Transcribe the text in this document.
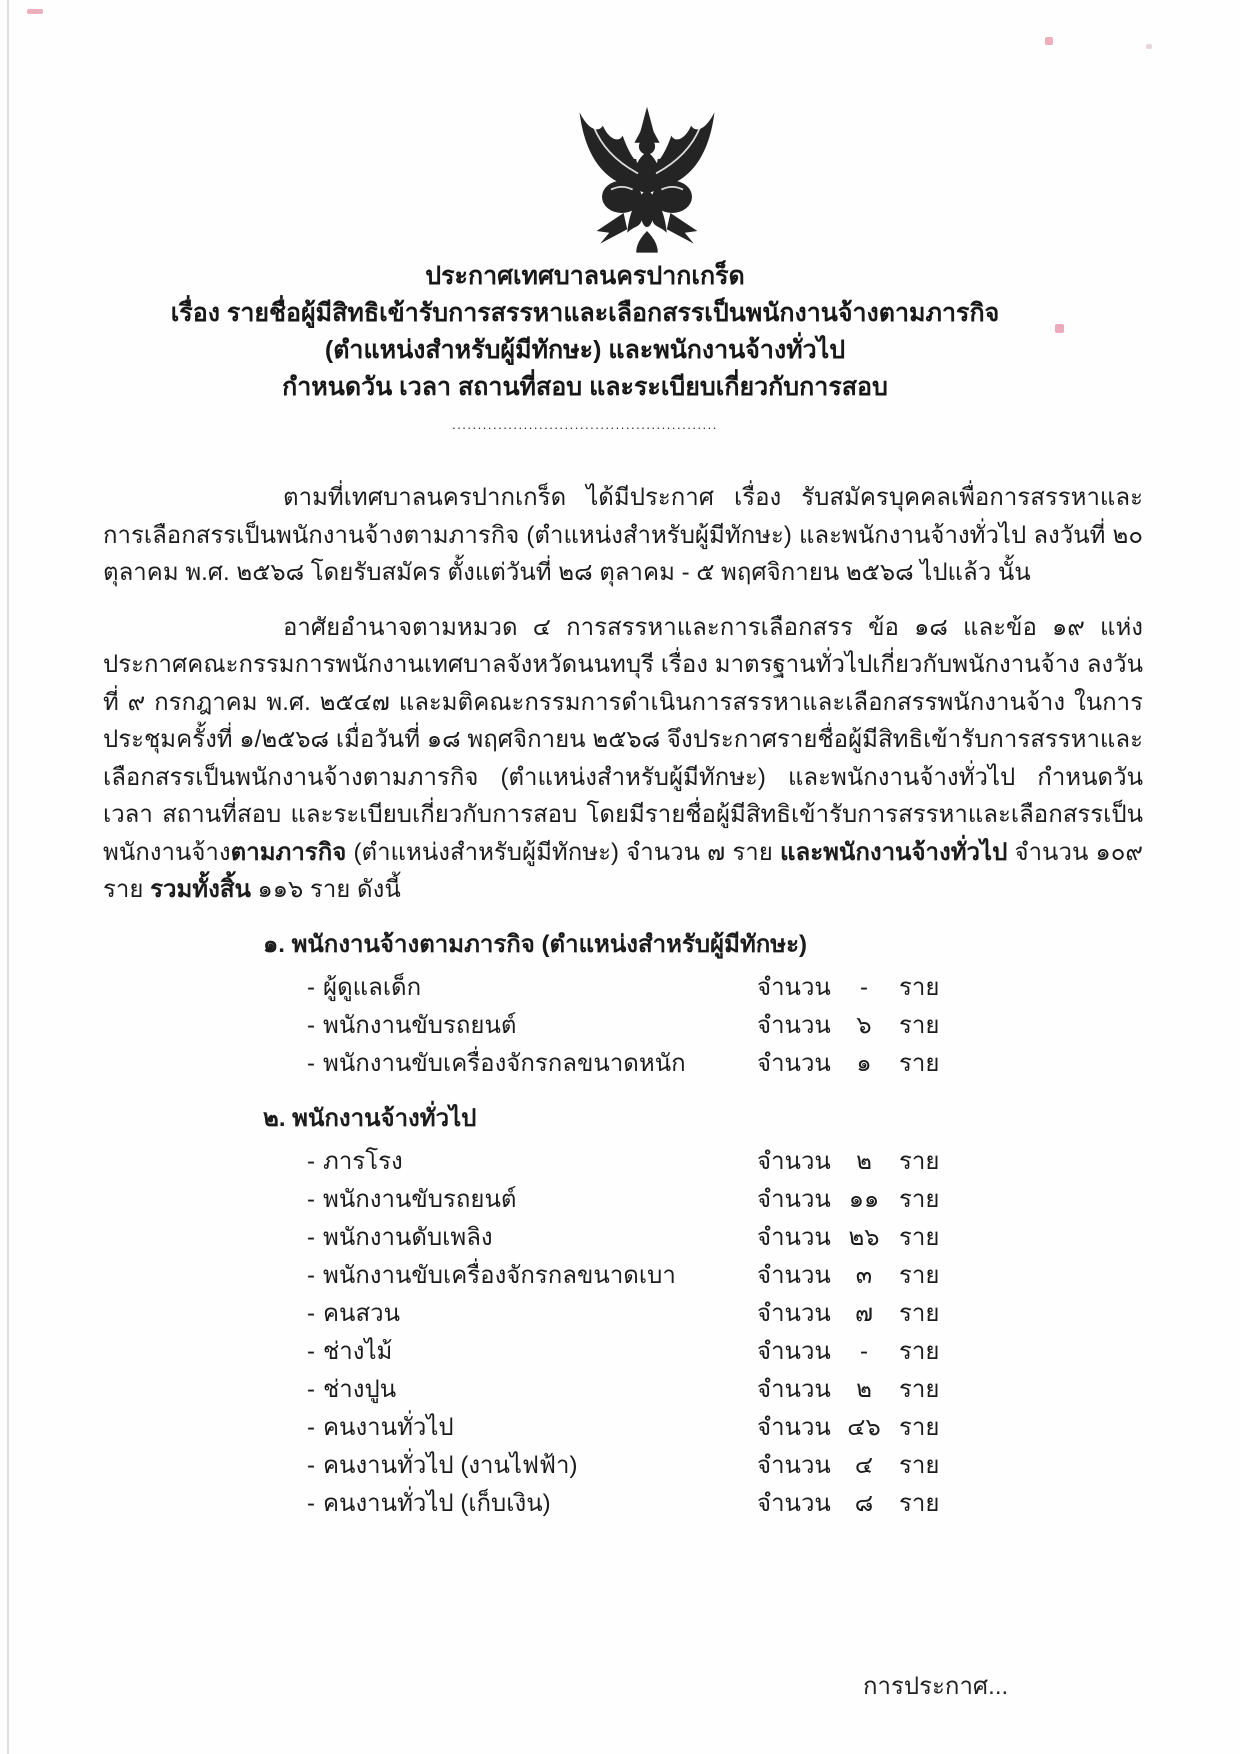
ประกาศเทศบาลนครปากเกร็ด
เรื่อง รายชื่อผู้มีสิทธิเข้ารับการสรรหาและเลือกสรรเป็นพนักงานจ้างตามภารกิจ
(ตำแหน่งสำหรับผู้มีทักษะ) และพนักงานจ้างทั่วไป
กำหนดวัน เวลา สถานที่สอบ และระเบียบเกี่ยวกับการสอบ
....................................................

ตามที่เทศบาลนครปากเกร็ด ได้มีประกาศ เรื่อง รับสมัครบุคคลเพื่อการสรรหาและการเลือกสรรเป็นพนักงานจ้างตามภารกิจ (ตำแหน่งสำหรับผู้มีทักษะ) และพนักงานจ้างทั่วไป ลงวันที่ ๒๐ ตุลาคม พ.ศ. ๒๕๖๘ โดยรับสมัคร ตั้งแต่วันที่ ๒๘ ตุลาคม - ๕ พฤศจิกายน ๒๕๖๘ ไปแล้ว นั้น

อาศัยอำนาจตามหมวด ๔ การสรรหาและการเลือกสรร ข้อ ๑๘ และข้อ ๑๙ แห่งประกาศคณะกรรมการพนักงานเทศบาลจังหวัดนนทบุรี เรื่อง มาตรฐานทั่วไปเกี่ยวกับพนักงานจ้าง ลงวันที่ ๙ กรกฎาคม พ.ศ. ๒๕๔๗ และมติคณะกรรมการดำเนินการสรรหาและเลือกสรรพนักงานจ้าง ในการประชุมครั้งที่ ๑/๒๕๖๘ เมื่อวันที่ ๑๘ พฤศจิกายน ๒๕๖๘ จึงประกาศรายชื่อผู้มีสิทธิเข้ารับการสรรหาและเลือกสรรเป็นพนักงานจ้างตามภารกิจ (ตำแหน่งสำหรับผู้มีทักษะ) และพนักงานจ้างทั่วไป กำหนดวัน เวลา สถานที่สอบ และระเบียบเกี่ยวกับการสอบ โดยมีรายชื่อผู้มีสิทธิเข้ารับการสรรหาและเลือกสรรเป็นพนักงานจ้างตามภารกิจ (ตำแหน่งสำหรับผู้มีทักษะ) จำนวน ๗ ราย และพนักงานจ้างทั่วไป จำนวน ๑๐๙ ราย รวมทั้งสิ้น ๑๑๖ ราย ดังนี้

๑. พนักงานจ้างตามภารกิจ (ตำแหน่งสำหรับผู้มีทักษะ)
- ผู้ดูแลเด็ก	จำนวน	-	ราย
- พนักงานขับรถยนต์	จำนวน	๖	ราย
- พนักงานขับเครื่องจักรกลขนาดหนัก	จำนวน	๑	ราย
๒. พนักงานจ้างทั่วไป
- ภารโรง	จำนวน	๒	ราย
- พนักงานขับรถยนต์	จำนวน ๑๑ ราย
- พนักงานดับเพลิง	จำนวน ๒๖ ราย
- พนักงานขับเครื่องจักรกลขนาดเบา	จำนวน	๓	ราย
- คนสวน	จำนวน	๗	ราย
- ช่างไม้	จำนวน	-	ราย
- ช่างปูน	จำนวน	๒	ราย
- คนงานทั่วไป	จำนวน ๔๖ ราย
- คนงานทั่วไป (งานไฟฟ้า)	จำนวน	๔	ราย
- คนงานทั่วไป (เก็บเงิน)	จำนวน ๘	ราย
การประกาศ...
